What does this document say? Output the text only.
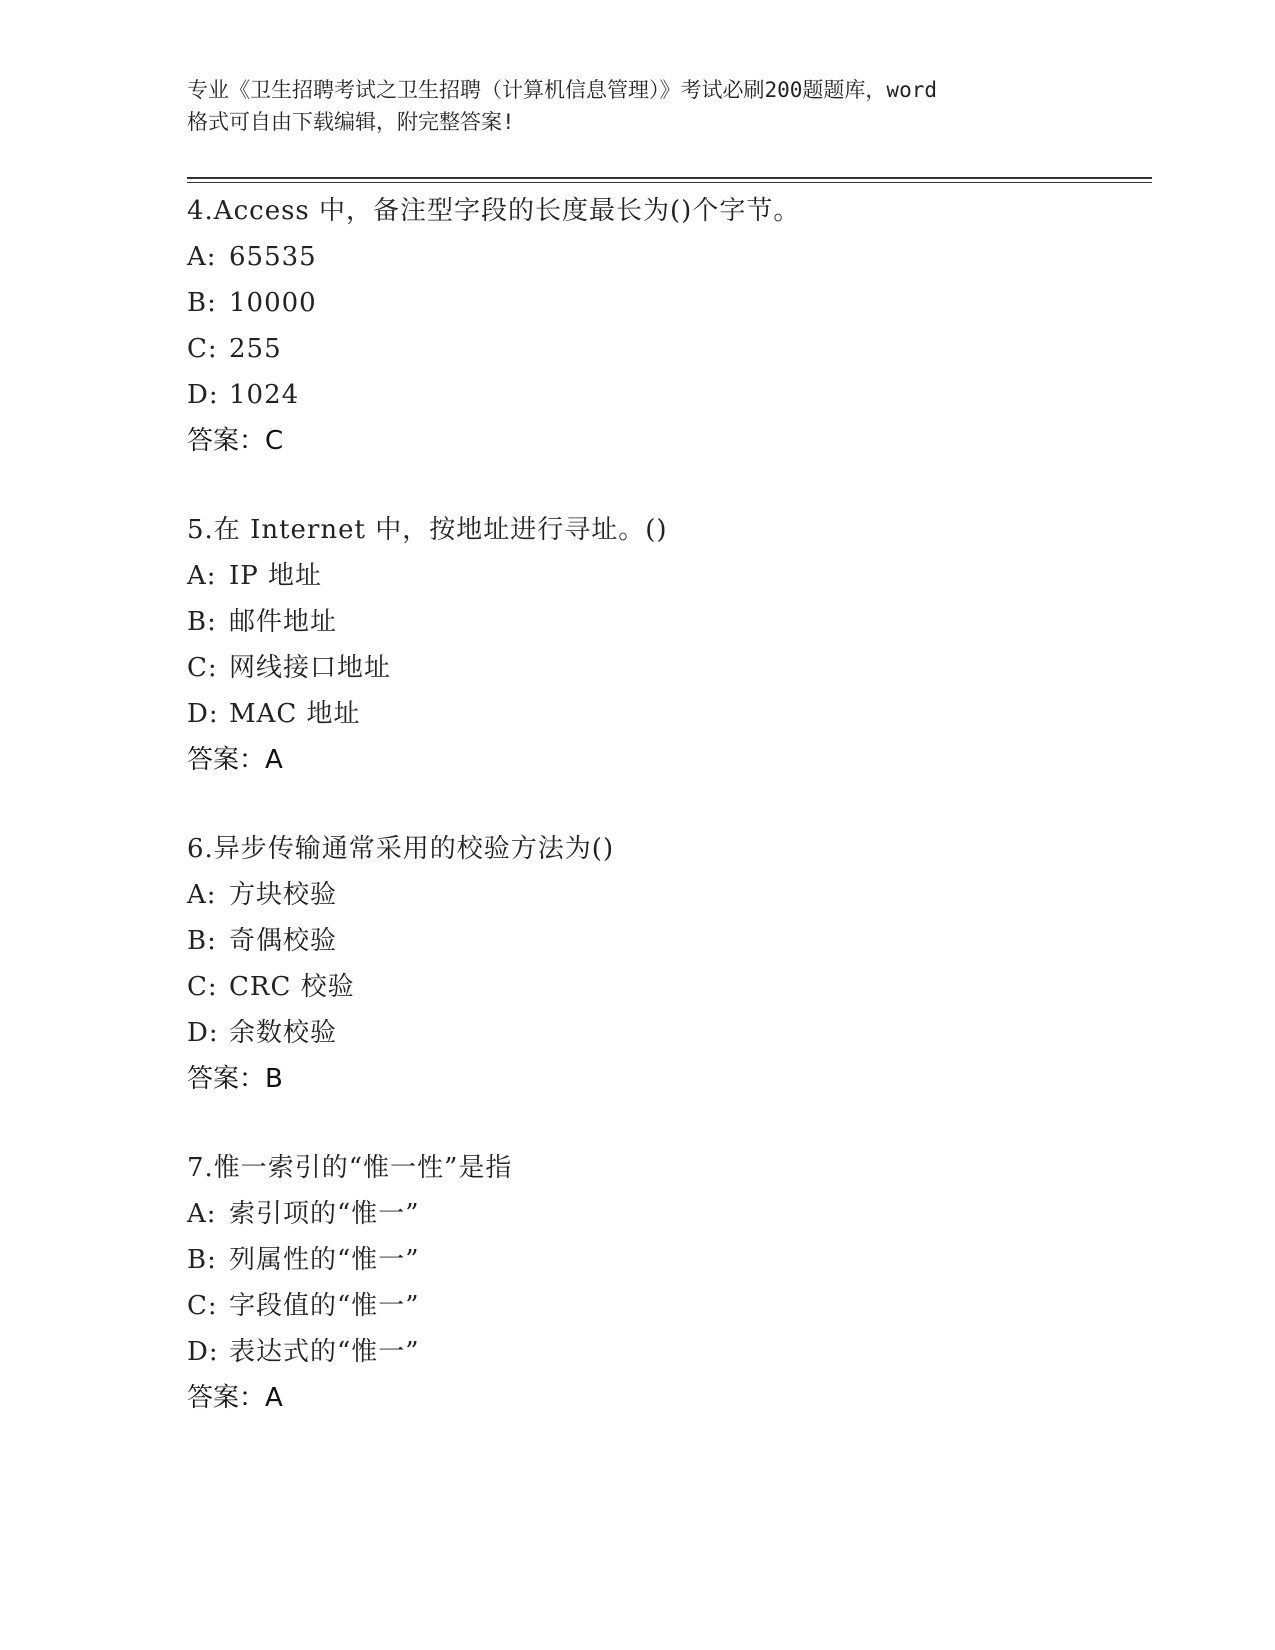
专业《卫生招聘考试之卫生招聘（计算机信息管理）》考试必刷200题题库，word
格式可自由下载编辑，附完整答案!
4.Access 中，备注型字段的长度最长为()个字节。
A: 65535
B: 10000
C: 255
D: 1024
答案：C
5.在 Internet 中，按地址进行寻址。()
A: IP 地址
B: 邮件地址
C: 网线接口地址
D: MAC 地址
答案：A
6.异步传输通常采用的校验方法为()
A: 方块校验
B: 奇偶校验
C: CRC 校验
D: 余数校验
答案：B
7.惟一索引的“惟一性”是指
A: 索引项的“惟一”
B: 列属性的“惟一”
C: 字段值的“惟一”
D: 表达式的“惟一”
答案：A
